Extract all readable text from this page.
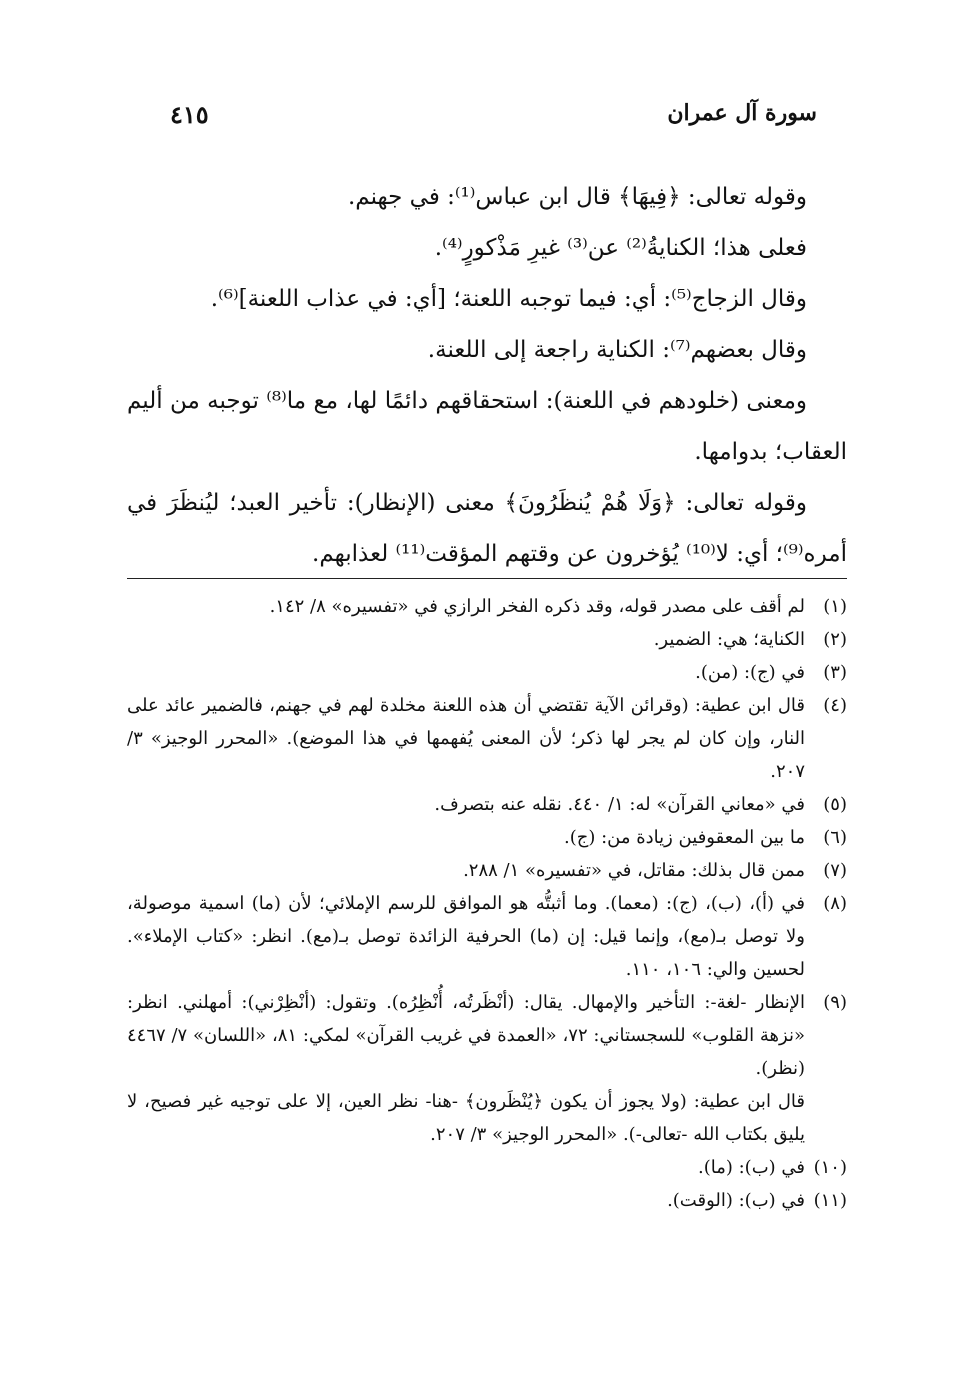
سورة آل عمران
٤١٥

وقوله تعالى: ﴿فِيهَا﴾ قال ابن عباس⁽¹⁾: في جهنم.

فعلى هذا؛ الكنايةُ⁽²⁾ عن⁽³⁾ غيرِ مَذْكورٍ⁽⁴⁾.

وقال الزجاج⁽⁵⁾: أي: فيما توجبه اللعنة؛ [أي: في عذاب اللعنة]⁽⁶⁾.

وقال بعضهم⁽⁷⁾: الكناية راجعة إلى اللعنة.

ومعنى (خلودهم في اللعنة): استحقاقهم دائمًا لها، مع ما⁽⁸⁾ توجبه من أليم العقاب؛ بدوامها.

وقوله تعالى: ﴿وَلَا هُمْ يُنظَرُونَ﴾ معنى (الإنظار): تأخير العبد؛ ليُنظَرَ في أمره⁽⁹⁾؛ أي: لا⁽¹⁰⁾ يُؤخرون عن وقتهم المؤقت⁽¹¹⁾ لعذابهم.

(١)
لم أقف على مصدر قوله، وقد ذكره الفخر الرازي في «تفسيره» ٨/ ١٤٢.
(٢)
الكناية؛ هي: الضمير.
(٣)
في (ج): (من).
(٤)
قال ابن عطية: (وقرائن الآية تقتضي أن هذه اللعنة مخلدة لهم في جهنم، فالضمير عائد على النار، وإن كان لم يجر لها ذكر؛ لأن المعنى يُفهمها في هذا الموضع). «المحرر الوجيز» ٣/ ٢٠٧.
(٥)
في «معاني القرآن» له: ١/ ٤٤٠. نقله عنه بتصرف.
(٦)
ما بين المعقوفين زيادة من: (ج).
(٧)
ممن قال بذلك: مقاتل، في «تفسيره» ١/ ٢٨٨.
(٨)
في (أ)، (ب)، (ج): (معما). وما أثبتُّه هو الموافق للرسم الإملائي؛ لأن (ما) اسمية موصولة، ولا توصل بـ(مع)، وإنما قيل: إن (ما) الحرفية الزائدة توصل بـ(مع). انظر: «كتاب الإملاء». لحسين والي: ١٠٦، ١١٠.
(٩)
الإنظار -لغة-: التأخير والإمهال. يقال: (أنْظَرتُه، أُنْظِرُه). وتقول: (أنْظِرْني): أمهلني. انظر: «نزهة القلوب» للسجستاني: ٧٢، «العمدة في غريب القرآن» لمكي: ٨١، «اللسان» ٧/ ٤٤٦٧ (نظر).
قال ابن عطية: (ولا يجوز أن يكون ﴿يُنْظَرون﴾ -هنا- نظر العين، إلا على توجيه غير فصيح، لا يليق بكتاب الله -تعالى-). «المحرر الوجيز» ٣/ ٢٠٧.
(١٠)
في (ب): (ما).
(١١)
في (ب): (الوقت).
